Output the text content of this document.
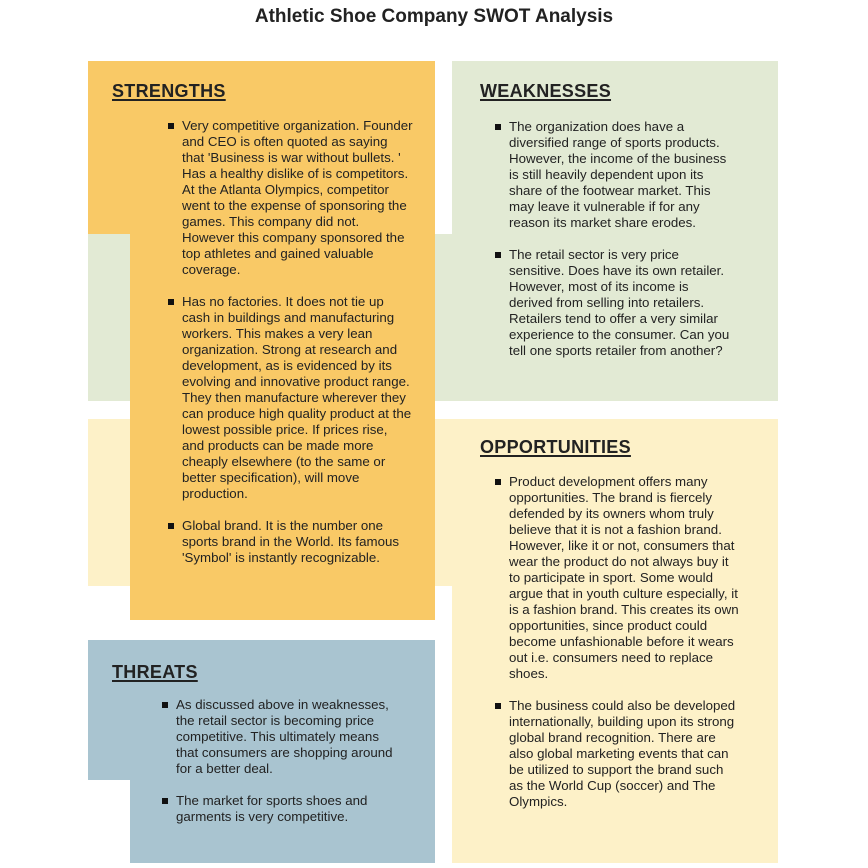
Athletic Shoe Company SWOT Analysis
STRENGTHS
Very competitive organization. Founder and CEO is often quoted as saying that 'Business is war without bullets. ' Has a healthy dislike of is competitors. At the Atlanta Olympics, competitor went to the expense of sponsoring the games. This company did not. However this company sponsored the top athletes and gained valuable coverage.
Has no factories. It does not tie up cash in buildings and manufacturing workers. This makes a very lean organization. Strong at research and development, as is evidenced by its evolving and innovative product range. They then manufacture wherever they can produce high quality product at the lowest possible price. If prices rise, and products can be made more cheaply elsewhere (to the same or better specification), will move production.
Global brand. It is the number one sports brand in the World. Its famous 'Symbol' is instantly recognizable.
WEAKNESSES
The organization does have a diversified range of sports products. However, the income of the business is still heavily dependent upon its share of the footwear market. This may leave it vulnerable if for any reason its market share erodes.
The retail sector is very price sensitive. Does have its own retailer. However, most of its income is derived from selling into retailers. Retailers tend to offer a very similar experience to the consumer. Can you tell one sports retailer from another?
OPPORTUNITIES
Product development offers many opportunities. The brand is fiercely defended by its owners whom truly believe that it is not a fashion brand. However, like it or not, consumers that wear the product do not always buy it to participate in sport. Some would argue that in youth culture especially, it is a fashion brand. This creates its own opportunities, since product could become unfashionable before it wears out i.e. consumers need to replace shoes.
The business could also be developed internationally, building upon its strong global brand recognition. There are also global marketing events that can be utilized to support the brand such as the World Cup (soccer) and The Olympics.
THREATS
As discussed above in weaknesses, the retail sector is becoming price competitive. This ultimately means that consumers are shopping around for a better deal.
The market for sports shoes and garments is very competitive.
